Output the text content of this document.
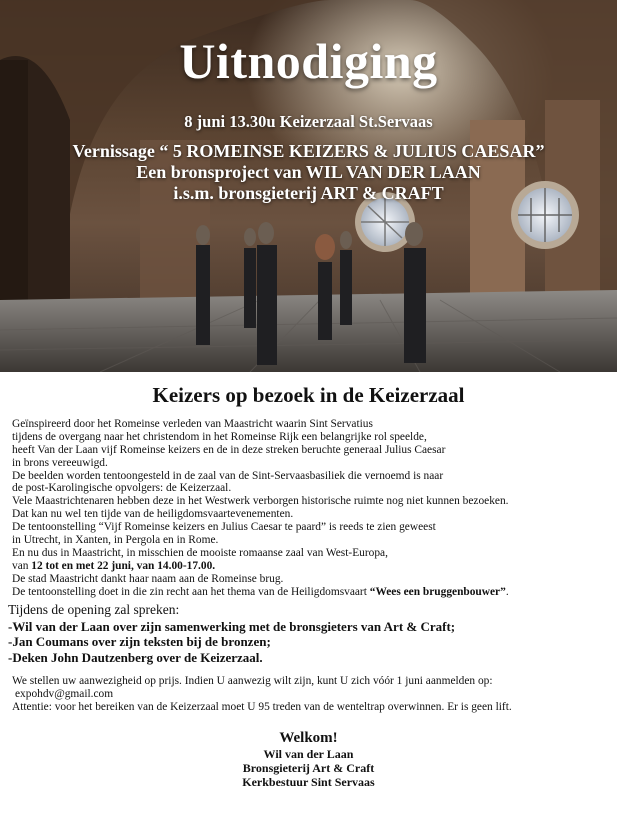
Uitnodiging
8 juni 13.30u Keizerzaal St.Servaas
Vernissage “ 5 ROMEINSE KEIZERS & JULIUS CAESAR”
Een bronsproject van WIL VAN DER LAAN
i.s.m. bronsgieterij ART & CRAFT
Keizers op bezoek in de Keizerzaal
Geïnspireerd door het Romeinse verleden van Maastricht waarin Sint Servatius
tijdens de overgang naar het christendom in het Romeinse Rijk een belangrijke rol speelde,
heeft Van der Laan vijf Romeinse keizers en de in deze streken beruchte generaal Julius Caesar
in brons vereeuwigd.
De beelden worden tentoongesteld in de zaal van de Sint-Servaasbasiliek die vernoemd is naar
de post-Karolingische opvolgers: de Keizerzaal.
Vele Maastrichtenaren hebben deze in het Westwerk verborgen historische ruimte nog niet kunnen bezoeken.
Dat kan nu wel ten tijde van de heiligdomsvaartevenementen.
De tentoonstelling “Vijf Romeinse keizers en Julius Caesar te paard” is reeds te zien geweest
in Utrecht, in Xanten, in Pergola en in Rome.
En nu dus in Maastricht, in misschien de mooiste romaanse zaal van West-Europa,
van 12 tot en met 22 juni, van 14.00-17.00.
De stad Maastricht dankt haar naam aan de Romeinse brug.
De tentoonstelling doet in die zin recht aan het thema van de Heiligdomsvaart “Wees een bruggenbouwer”.
Tijdens de opening zal spreken:
-Wil van der Laan over zijn samenwerking met de bronsgieters van Art & Craft;
-Jan Coumans over zijn teksten bij de bronzen;
-Deken John Dautzenberg over de Keizerzaal.
We stellen uw aanwezigheid op prijs. Indien U aanwezig wilt zijn, kunt U zich vóór 1 juni aanmelden op:
expohdv@gmail.com
Attentie: voor het bereiken van de Keizerzaal moet U 95 treden van de wenteltrap overwinnen. Er is geen lift.
Welkom!
Wil van der Laan
Bronsgieterij Art & Craft
Kerkbestuur Sint Servaas
